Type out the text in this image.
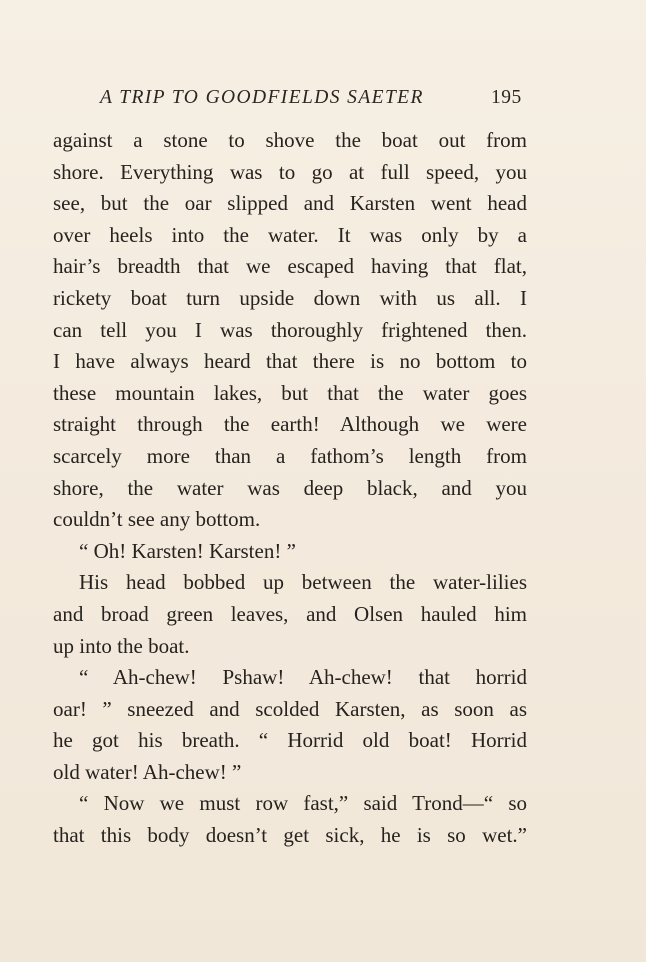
A TRIP TO GOODFIELDS SAETER	195
against a stone to shove the boat out from
shore. Everything was to go at full speed, you
see, but the oar slipped and Karsten went head
over heels into the water. It was only by a
hair’s breadth that we escaped having that flat,
rickety boat turn upside down with us all. I
can tell you I was thoroughly frightened then.
I have always heard that there is no bottom to
these mountain lakes, but that the water goes
straight through the earth! Although we were
scarcely more than a fathom’s length from
shore, the water was deep black, and you
couldn’t see any bottom.
“ Oh! Karsten! Karsten! ”
His head bobbed up between the water-lilies
and broad green leaves, and Olsen hauled him
up into the boat.
“ Ah-chew! Pshaw! Ah-chew! that horrid
oar! ” sneezed and scolded Karsten, as soon as
he got his breath. “ Horrid old boat! Horrid
old water! Ah-chew! ”
“ Now we must row fast,” said Trond—“ so
that this body doesn’t get sick, he is so wet.”
